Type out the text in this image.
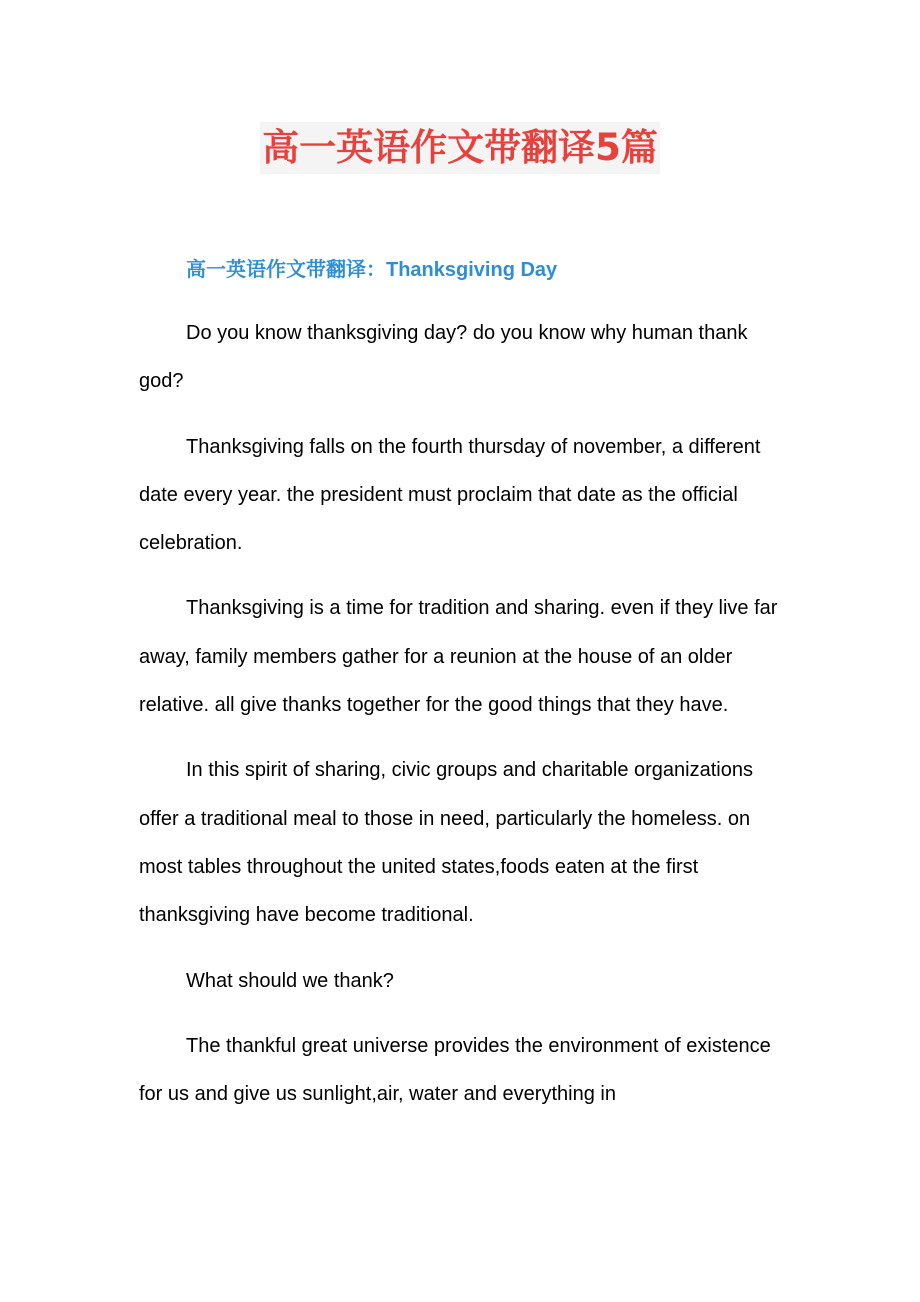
高一英语作文带翻译5篇
高一英语作文带翻译：Thanksgiving Day

Do you know thanksgiving day? do you know why human thank god?

Thanksgiving falls on the fourth thursday of november, a different date every year. the president must proclaim that date as the official celebration.

Thanksgiving is a time for tradition and sharing. even if they live far away, family members gather for a reunion at the house of an older relative. all give thanks together for the good things that they have.

In this spirit of sharing, civic groups and charitable organizations offer a traditional meal to those in need, particularly the homeless. on most tables throughout the united states,foods eaten at the first thanksgiving have become traditional.

What should we thank?

The thankful great universe provides the environment of existence for us and give us sunlight,air, water and everything in
